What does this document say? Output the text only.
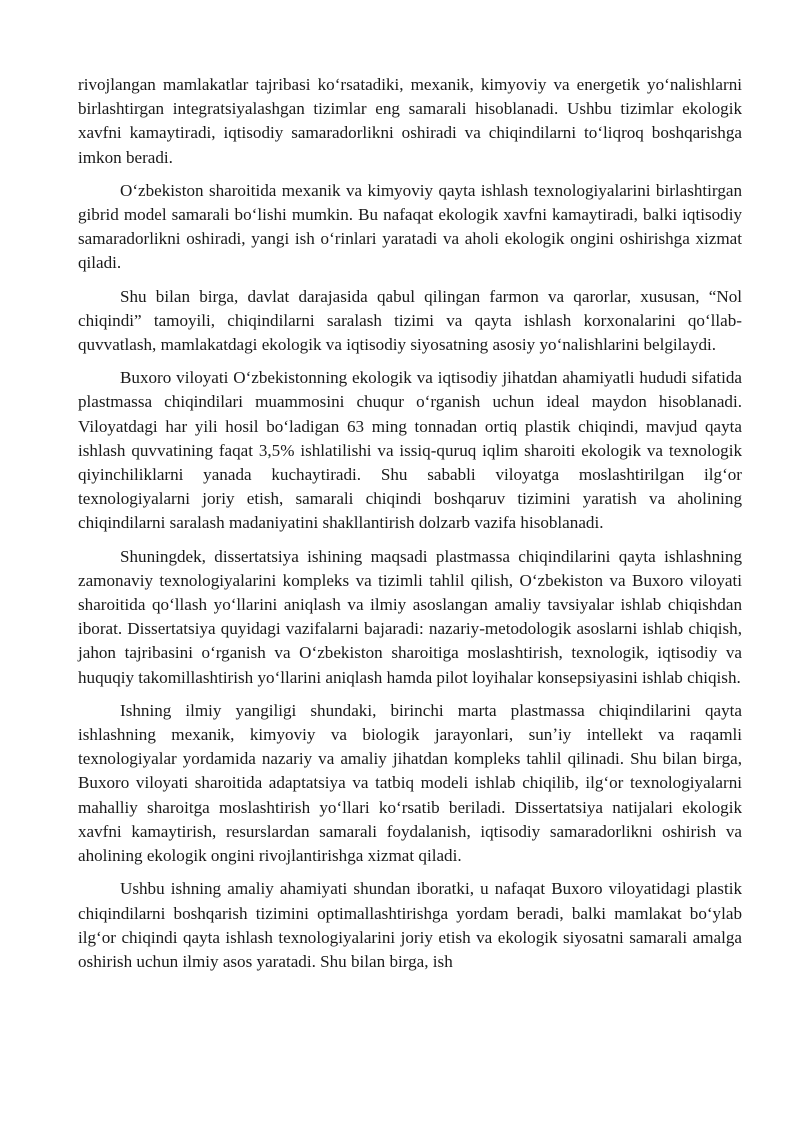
rivojlangan mamlakatlar tajribasi koʻrsatadiki, mexanik, kimyoviy va energetik yoʻnalishlarni birlashtirgan integratsiyalashgan tizimlar eng samarali hisoblanadi. Ushbu tizimlar ekologik xavfni kamaytiradi, iqtisodiy samaradorlikni oshiradi va chiqindilarni toʻliqroq boshqarishga imkon beradi.

Oʻzbekiston sharoitida mexanik va kimyoviy qayta ishlash texnologiyalarini birlashtirgan gibrid model samarali boʻlishi mumkin. Bu nafaqat ekologik xavfni kamaytiradi, balki iqtisodiy samaradorlikni oshiradi, yangi ish oʻrinlari yaratadi va aholi ekologik ongini oshirishga xizmat qiladi.

Shu bilan birga, davlat darajasida qabul qilingan farmon va qarorlar, xususan, “Nol chiqindi” tamoyili, chiqindilarni saralash tizimi va qayta ishlash korxonalarini qoʻllab-quvvatlash, mamlakatdagi ekologik va iqtisodiy siyosatning asosiy yoʻnalishlarini belgilaydi.

Buxoro viloyati Oʻzbekistonning ekologik va iqtisodiy jihatdan ahamiyatli hududi sifatida plastmassa chiqindilari muammosini chuqur oʻrganish uchun ideal maydon hisoblanadi. Viloyatdagi har yili hosil boʻladigan 63 ming tonnadan ortiq plastik chiqindi, mavjud qayta ishlash quvvatining faqat 3,5% ishlatilishi va issiq-quruq iqlim sharoiti ekologik va texnologik qiyinchiliklarni yanada kuchaytiradi. Shu sababli viloyatga moslashtirilgan ilgʻor texnologiyalarni joriy etish, samarali chiqindi boshqaruv tizimini yaratish va aholining chiqindilarni saralash madaniyatini shakllantirish dolzarb vazifa hisoblanadi.

Shuningdek, dissertatsiya ishining maqsadi plastmassa chiqindilarini qayta ishlashning zamonaviy texnologiyalarini kompleks va tizimli tahlil qilish, Oʻzbekiston va Buxoro viloyati sharoitida qoʻllash yoʻllarini aniqlash va ilmiy asoslangan amaliy tavsiyalar ishlab chiqishdan iborat. Dissertatsiya quyidagi vazifalarni bajaradi: nazariy-metodologik asoslarni ishlab chiqish, jahon tajribasini oʻrganish va Oʻzbekiston sharoitiga moslashtirish, texnologik, iqtisodiy va huquqiy takomillashtirish yoʻllarini aniqlash hamda pilot loyihalar konsepsiyasini ishlab chiqish.

Ishning ilmiy yangiligi shundaki, birinchi marta plastmassa chiqindilarini qayta ishlashning mexanik, kimyoviy va biologik jarayonlari, sunʼiy intellekt va raqamli texnologiyalar yordamida nazariy va amaliy jihatdan kompleks tahlil qilinadi. Shu bilan birga, Buxoro viloyati sharoitida adaptatsiya va tatbiq modeli ishlab chiqilib, ilgʻor texnologiyalarni mahalliy sharoitga moslashtirish yoʻllari koʻrsatib beriladi. Dissertatsiya natijalari ekologik xavfni kamaytirish, resurslardan samarali foydalanish, iqtisodiy samaradorlikni oshirish va aholining ekologik ongini rivojlantirishga xizmat qiladi.

Ushbu ishning amaliy ahamiyati shundan iboratki, u nafaqat Buxoro viloyatidagi plastik chiqindilarni boshqarish tizimini optimallashtirishga yordam beradi, balki mamlakat boʻylab ilgʻor chiqindi qayta ishlash texnologiyalarini joriy etish va ekologik siyosatni samarali amalga oshirish uchun ilmiy asos yaratadi. Shu bilan birga, ish
